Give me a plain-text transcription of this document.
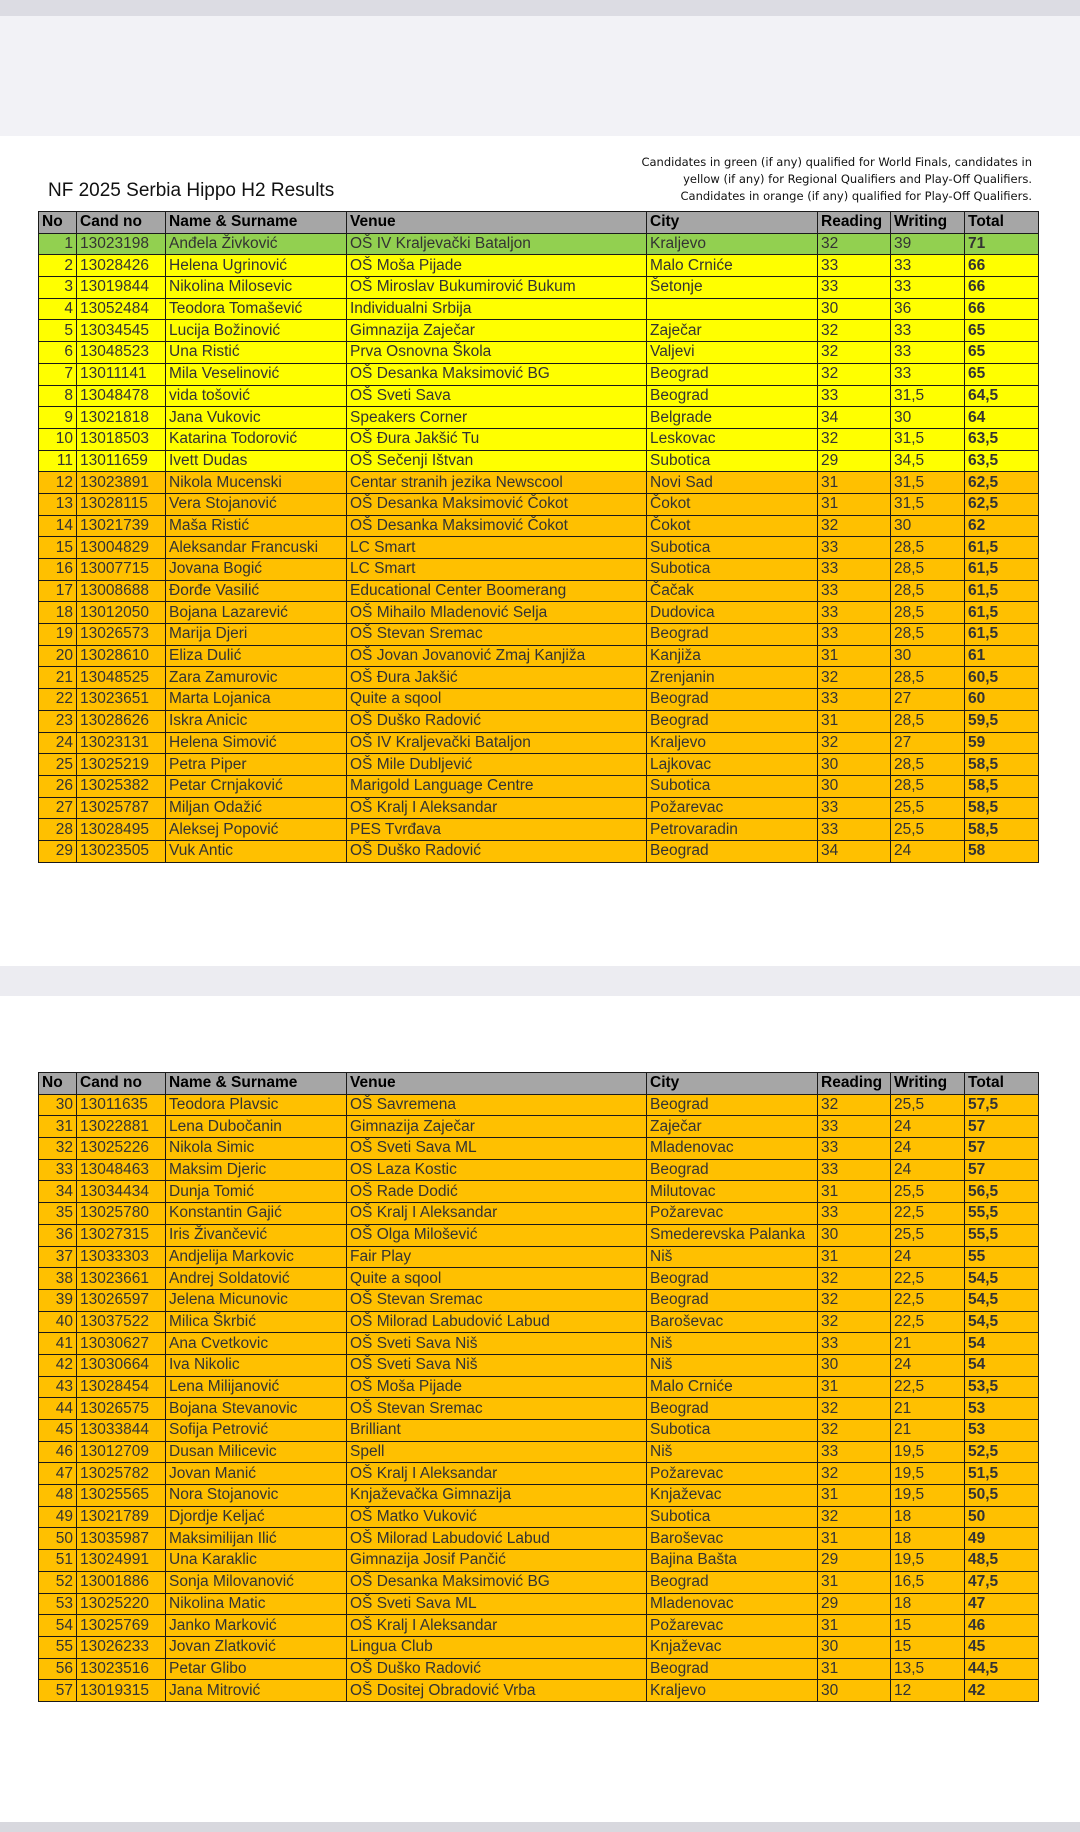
NF 2025 Serbia Hippo H2 Results
Candidates in green (if any) qualified for World Finals, candidates in
yellow (if any) for Regional Qualifiers and Play-Off Qualifiers.
Candidates in orange (if any) qualified for Play-Off Qualifiers.
No	Cand no	Name & Surname	Venue	City	Reading	Writing	Total
1	13023198	Anđela Živković	OŠ IV Kraljevački Bataljon	Kraljevo	32	39	71
2	13028426	Helena Ugrinović	OŠ Moša Pijade	Malo Crniće	33	33	66
3	13019844	Nikolina Milosevic	OŠ Miroslav Bukumirović Bukum	Šetonje	33	33	66
4	13052484	Teodora Tomašević	Individualni Srbija		30	36	66
5	13034545	Lucija Božinović	Gimnazija Zaječar	Zaječar	32	33	65
6	13048523	Una Ristić	Prva Osnovna Škola	Valjevi	32	33	65
7	13011141	Mila Veselinović	OŠ Desanka Maksimović BG	Beograd	32	33	65
8	13048478	vida tošović	OŠ Sveti Sava	Beograd	33	31,5	64,5
9	13021818	Jana Vukovic	Speakers Corner	Belgrade	34	30	64
10	13018503	Katarina Todorović	OŠ Đura Jakšić Tu	Leskovac	32	31,5	63,5
11	13011659	Ivett Dudas	OŠ Sečenji Ištvan	Subotica	29	34,5	63,5
12	13023891	Nikola Mucenski	Centar stranih jezika Newscool	Novi Sad	31	31,5	62,5
13	13028115	Vera Stojanović	OŠ Desanka Maksimović Čokot	Čokot	31	31,5	62,5
14	13021739	Maša Ristić	OŠ Desanka Maksimović Čokot	Čokot	32	30	62
15	13004829	Aleksandar Francuski	LC Smart	Subotica	33	28,5	61,5
16	13007715	Jovana Bogić	LC Smart	Subotica	33	28,5	61,5
17	13008688	Đorđe Vasilić	Educational Center Boomerang	Čačak	33	28,5	61,5
18	13012050	Bojana Lazarević	OŠ Mihailo Mladenović Selja	Dudovica	33	28,5	61,5
19	13026573	Marija Djeri	OŠ Stevan Sremac	Beograd	33	28,5	61,5
20	13028610	Eliza Dulić	OŠ Jovan Jovanović Zmaj Kanjiža	Kanjiža	31	30	61
21	13048525	Zara Zamurovic	OŠ Đura Jakšić	Zrenjanin	32	28,5	60,5
22	13023651	Marta Lojanica	Quite a sqool	Beograd	33	27	60
23	13028626	Iskra Anicic	OŠ Duško Radović	Beograd	31	28,5	59,5
24	13023131	Helena Simović	OŠ IV Kraljevački Bataljon	Kraljevo	32	27	59
25	13025219	Petra Piper	OŠ Mile Dubljević	Lajkovac	30	28,5	58,5
26	13025382	Petar Crnjaković	Marigold Language Centre	Subotica	30	28,5	58,5
27	13025787	Miljan Odažić	OŠ Kralj I Aleksandar	Požarevac	33	25,5	58,5
28	13028495	Aleksej Popović	PES Tvrđava	Petrovaradin	33	25,5	58,5
29	13023505	Vuk Antic	OŠ Duško Radović	Beograd	34	24	58
No	Cand no	Name & Surname	Venue	City	Reading	Writing	Total
30	13011635	Teodora Plavsic	OŠ Savremena	Beograd	32	25,5	57,5
31	13022881	Lena Dubočanin	Gimnazija Zaječar	Zaječar	33	24	57
32	13025226	Nikola Simic	OŠ Sveti Sava ML	Mladenovac	33	24	57
33	13048463	Maksim Djeric	OS Laza Kostic	Beograd	33	24	57
34	13034434	Dunja Tomić	OŠ Rade Dodić	Milutovac	31	25,5	56,5
35	13025780	Konstantin Gajić	OŠ Kralj I Aleksandar	Požarevac	33	22,5	55,5
36	13027315	Iris Živančević	OŠ Olga Milošević	Smederevska Palanka	30	25,5	55,5
37	13033303	Andjelija Markovic	Fair Play	Niš	31	24	55
38	13023661	Andrej Soldatović	Quite a sqool	Beograd	32	22,5	54,5
39	13026597	Jelena Micunovic	OŠ Stevan Sremac	Beograd	32	22,5	54,5
40	13037522	Milica Škrbić	OŠ Milorad Labudović Labud	Baroševac	32	22,5	54,5
41	13030627	Ana Cvetkovic	OŠ Sveti Sava Niš	Niš	33	21	54
42	13030664	Iva Nikolic	OŠ Sveti Sava Niš	Niš	30	24	54
43	13028454	Lena Milijanović	OŠ Moša Pijade	Malo Crniće	31	22,5	53,5
44	13026575	Bojana Stevanovic	OŠ Stevan Sremac	Beograd	32	21	53
45	13033844	Sofija Petrović	Brilliant	Subotica	32	21	53
46	13012709	Dusan Milicevic	Spell	Niš	33	19,5	52,5
47	13025782	Jovan Manić	OŠ Kralj I Aleksandar	Požarevac	32	19,5	51,5
48	13025565	Nora Stojanovic	Knjaževačka Gimnazija	Knjaževac	31	19,5	50,5
49	13021789	Djordje Keljać	OŠ Matko Vuković	Subotica	32	18	50
50	13035987	Maksimilijan Ilić	OŠ Milorad Labudović Labud	Baroševac	31	18	49
51	13024991	Una Karaklic	Gimnazija Josif Pančić	Bajina Bašta	29	19,5	48,5
52	13001886	Sonja Milovanović	OŠ Desanka Maksimović BG	Beograd	31	16,5	47,5
53	13025220	Nikolina Matic	OŠ Sveti Sava ML	Mladenovac	29	18	47
54	13025769	Janko Marković	OŠ Kralj I Aleksandar	Požarevac	31	15	46
55	13026233	Jovan Zlatković	Lingua Club	Knjaževac	30	15	45
56	13023516	Petar Glibo	OŠ Duško Radović	Beograd	31	13,5	44,5
57	13019315	Jana Mitrović	OŠ Dositej Obradović Vrba	Kraljevo	30	12	42
